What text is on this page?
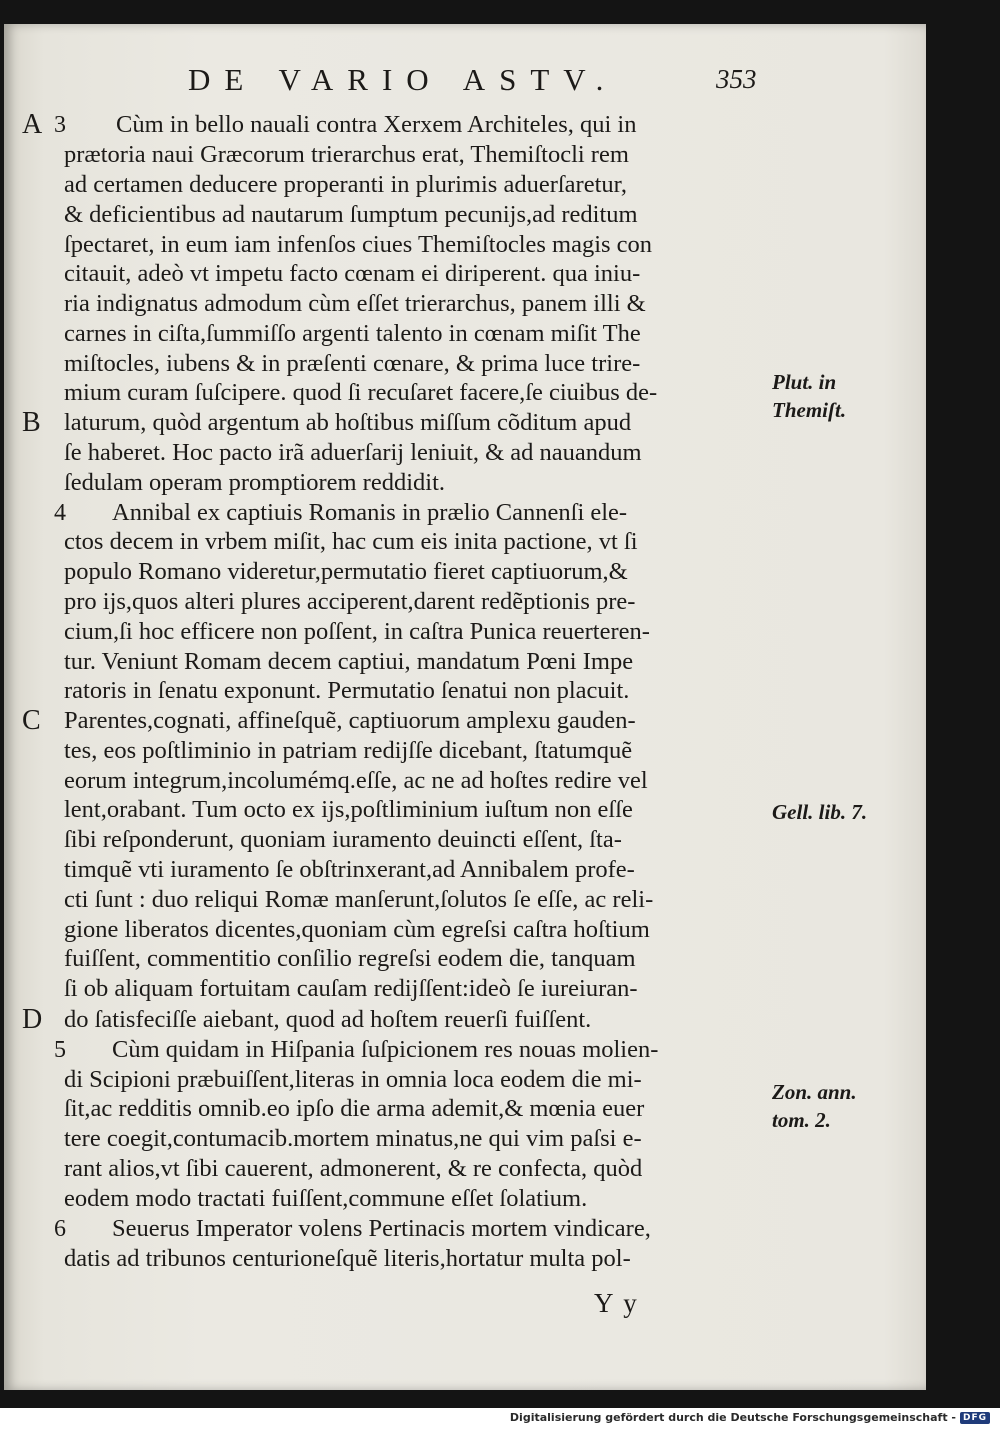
DE VARIO ASTV.	353
A
B
C
D
3
4
5
6
Cùm in bello nauali contra Xerxem Architeles, qui in
prætoria naui Græcorum trierarchus erat, Themiſtocli rem
ad certamen deducere properanti in plurimis aduerſaretur,
& deficientibus ad nautarum ſumptum pecunijs,ad reditum
ſpectaret, in eum iam infenſos ciues Themiſtocles magis con
citauit, adeò vt impetu facto cœnam ei diriperent. qua iniu-
ria indignatus admodum cùm eſſet trierarchus, panem illi &
carnes in ciſta,ſummiſſo argenti talento in cœnam miſit The
miſtocles, iubens & in præſenti cœnare, & prima luce trire-
mium curam ſuſcipere. quod ſi recuſaret facere,ſe ciuibus de-
laturum, quòd argentum ab hoſtibus miſſum cõditum apud
ſe haberet. Hoc pacto irã aduerſarij leniuit, & ad nauandum
ſedulam operam promptiorem reddidit.
Annibal ex captiuis Romanis in prælio Cannenſi ele-
ctos decem in vrbem miſit, hac cum eis inita pactione, vt ſi
populo Romano videretur,permutatio fieret captiuorum,&
pro ijs,quos alteri plures acciperent,darent redẽptionis pre-
cium,ſi hoc efficere non poſſent, in caſtra Punica reuerteren-
tur. Veniunt Romam decem captiui, mandatum Pœni Impe
ratoris in ſenatu exponunt. Permutatio ſenatui non placuit.
Parentes,cognati, affineſquẽ, captiuorum amplexu gauden-
tes, eos poſtliminio in patriam redijſſe dicebant, ſtatumquẽ
eorum integrum,incolumémq.eſſe, ac ne ad hoſtes redire vel
lent,orabant. Tum octo ex ijs,poſtliminium iuſtum non eſſe
ſibi reſponderunt, quoniam iuramento deuincti eſſent, ſta-
timquẽ vti iuramento ſe obſtrinxerant,ad Annibalem profe-
cti ſunt : duo reliqui Romæ manſerunt,ſolutos ſe eſſe, ac reli-
gione liberatos dicentes,quoniam cùm egreſsi caſtra hoſtium
fuiſſent, commentitio conſilio regreſsi eodem die, tanquam
ſi ob aliquam fortuitam cauſam redijſſent:ideò ſe iureiuran-
do ſatisfeciſſe aiebant, quod ad hoſtem reuerſi fuiſſent.
Cùm quidam in Hiſpania ſuſpicionem res nouas molien-
di Scipioni præbuiſſent,literas in omnia loca eodem die mi-
ſit,ac redditis omnib.eo ipſo die arma ademit,& mœnia euer
tere coegit,contumacib.mortem minatus,ne qui vim paſsi e-
rant alios,vt ſibi cauerent, admonerent, & re confecta, quòd
eodem modo tractati fuiſſent,commune eſſet ſolatium.
Seuerus Imperator volens Pertinacis mortem vindicare,
datis ad tribunos centurioneſquẽ literis,hortatur multa pol-
Plut. in
Themiſt.
Gell. lib. 7.
Zon. ann.
tom. 2.
Y y
Digitalisierung gefördert durch die Deutsche Forschungsgemeinschaft - DFG
